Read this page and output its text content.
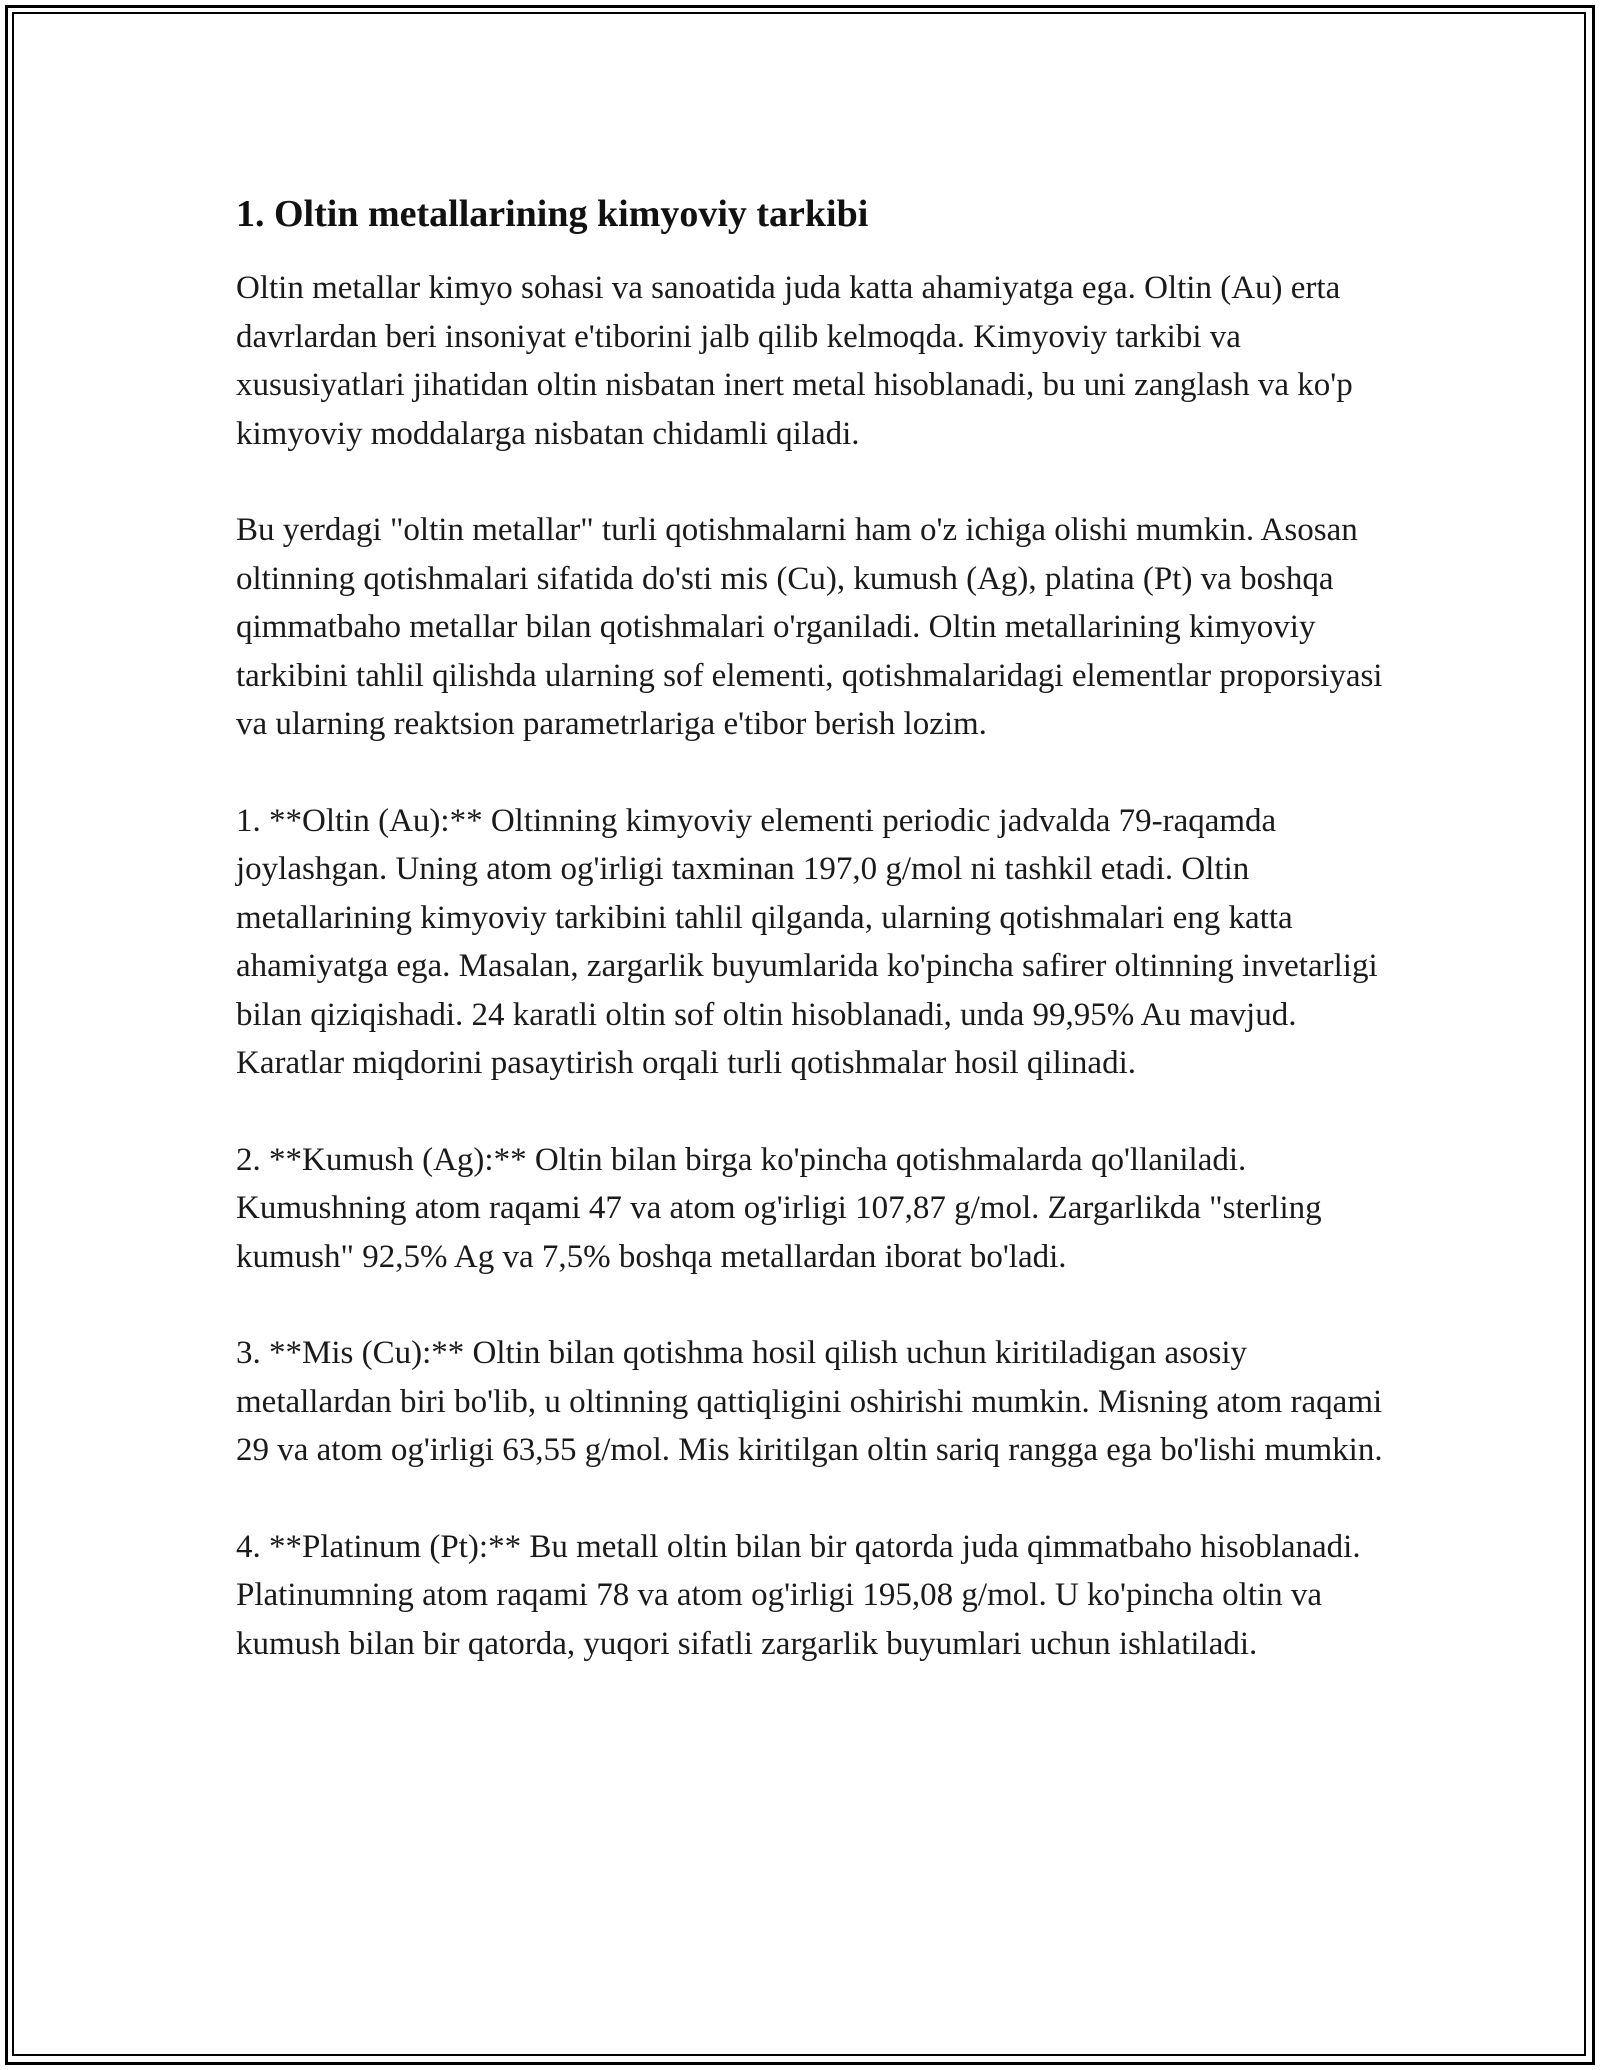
1. Oltin metallarining kimyoviy tarkibi

Oltin metallar kimyo sohasi va sanoatida juda katta ahamiyatga ega. Oltin (Au) erta davrlardan beri insoniyat e'tiborini jalb qilib kelmoqda. Kimyoviy tarkibi va xususiyatlari jihatidan oltin nisbatan inert metal hisoblanadi, bu uni zanglash va ko'p kimyoviy moddalarga nisbatan chidamli qiladi.

Bu yerdagi "oltin metallar" turli qotishmalarni ham o'z ichiga olishi mumkin. Asosan oltinning qotishmalari sifatida do'sti mis (Cu), kumush (Ag), platina (Pt) va boshqa qimmatbaho metallar bilan qotishmalari o'rganiladi. Oltin metallarining kimyoviy tarkibini tahlil qilishda ularning sof elementi, qotishmalaridagi elementlar proporsiyasi va ularning reaktsion parametrlariga e'tibor berish lozim.

1. **Oltin (Au):** Oltinning kimyoviy elementi periodic jadvalda 79-raqamda joylashgan. Uning atom og'irligi taxminan 197,0 g/mol ni tashkil etadi. Oltin metallarining kimyoviy tarkibini tahlil qilganda, ularning qotishmalari eng katta ahamiyatga ega. Masalan, zargarlik buyumlarida ko'pincha safirer oltinning invetarligi bilan qiziqishadi. 24 karatli oltin sof oltin hisoblanadi, unda 99,95% Au mavjud. Karatlar miqdorini pasaytirish orqali turli qotishmalar hosil qilinadi.

2. **Kumush (Ag):** Oltin bilan birga ko'pincha qotishmalarda qo'llaniladi. Kumushning atom raqami 47 va atom og'irligi 107,87 g/mol. Zargarlikda "sterling kumush" 92,5% Ag va 7,5% boshqa metallardan iborat bo'ladi.

3. **Mis (Cu):** Oltin bilan qotishma hosil qilish uchun kiritiladigan asosiy metallardan biri bo'lib, u oltinning qattiqligini oshirishi mumkin. Misning atom raqami 29 va atom og'irligi 63,55 g/mol. Mis kiritilgan oltin sariq rangga ega bo'lishi mumkin.

4. **Platinum (Pt):** Bu metall oltin bilan bir qatorda juda qimmatbaho hisoblanadi. Platinumning atom raqami 78 va atom og'irligi 195,08 g/mol. U ko'pincha oltin va kumush bilan bir qatorda, yuqori sifatli zargarlik buyumlari uchun ishlatiladi.
